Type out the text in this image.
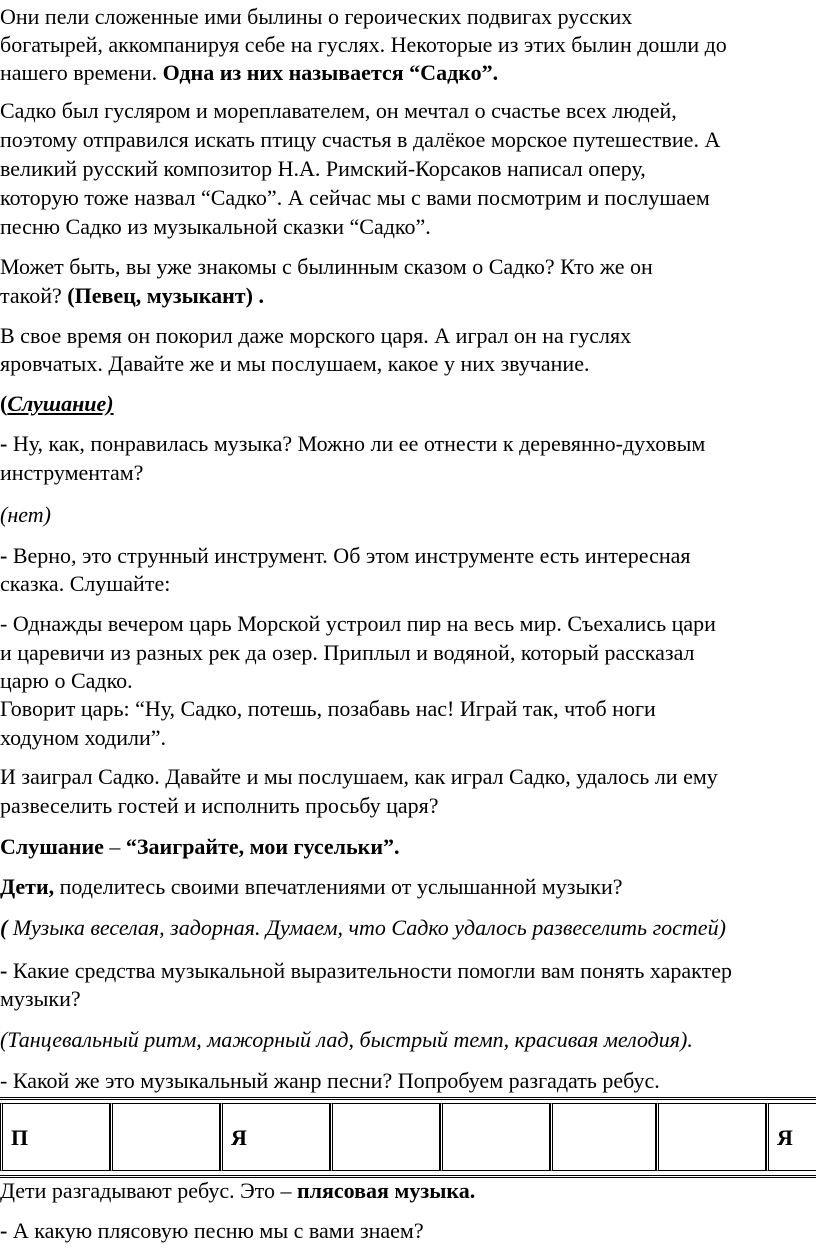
Они пели сложенные ими былины о героических подвигах русских
богатырей, аккомпанируя себе на гуслях. Некоторые из этих былин дошли до
нашего времени. Одна из них называется “Садко”.
Садко был гусляром и мореплавателем, он мечтал о счастье всех людей,
поэтому отправился искать птицу счастья в далёкое морское путешествие. А
великий русский композитор Н.А. Римский-Корсаков написал оперу,
которую тоже назвал “Садко”. А сейчас мы с вами посмотрим и послушаем
песню Садко из музыкальной сказки “Садко”.
Может быть, вы уже знакомы с былинным сказом о Садко? Кто же он
такой? (Певец, музыкант) .
В свое время он покорил даже морского царя. А играл он на гуслях
яровчатых. Давайте же и мы послушаем, какое у них звучание.
(Слушание)
- Ну, как, понравилась музыка? Можно ли ее отнести к деревянно-духовым
инструментам?
(нет)
- Верно, это струнный инструмент. Об этом инструменте есть интересная
сказка. Слушайте:
- Однажды вечером царь Морской устроил пир на весь мир. Съехались цари
и царевичи из разных рек да озер. Приплыл и водяной, который рассказал
царю о Садко.
Говорит царь: “Ну, Садко, потешь, позабавь нас! Играй так, чтоб ноги
ходуном ходили”.
И заиграл Садко. Давайте и мы послушаем, как играл Садко, удалось ли ему
развеселить гостей и исполнить просьбу царя?
Слушание – “Заиграйте, мои гусельки”.
Дети, поделитесь своими впечатлениями от услышанной музыки?
( Музыка веселая, задорная. Думаем, что Садко удалось развеселить гостей)
- Какие средства музыкальной выразительности помогли вам понять характер
музыки?
(Танцевальный ритм, мажорный лад, быстрый темп, красивая мелодия).
- Какой же это музыкальный жанр песни? Попробуем разгадать ребус.
П	Я	Я
Дети разгадывают ребус. Это – плясовая музыка.
- А какую плясовую песню мы с вами знаем?
